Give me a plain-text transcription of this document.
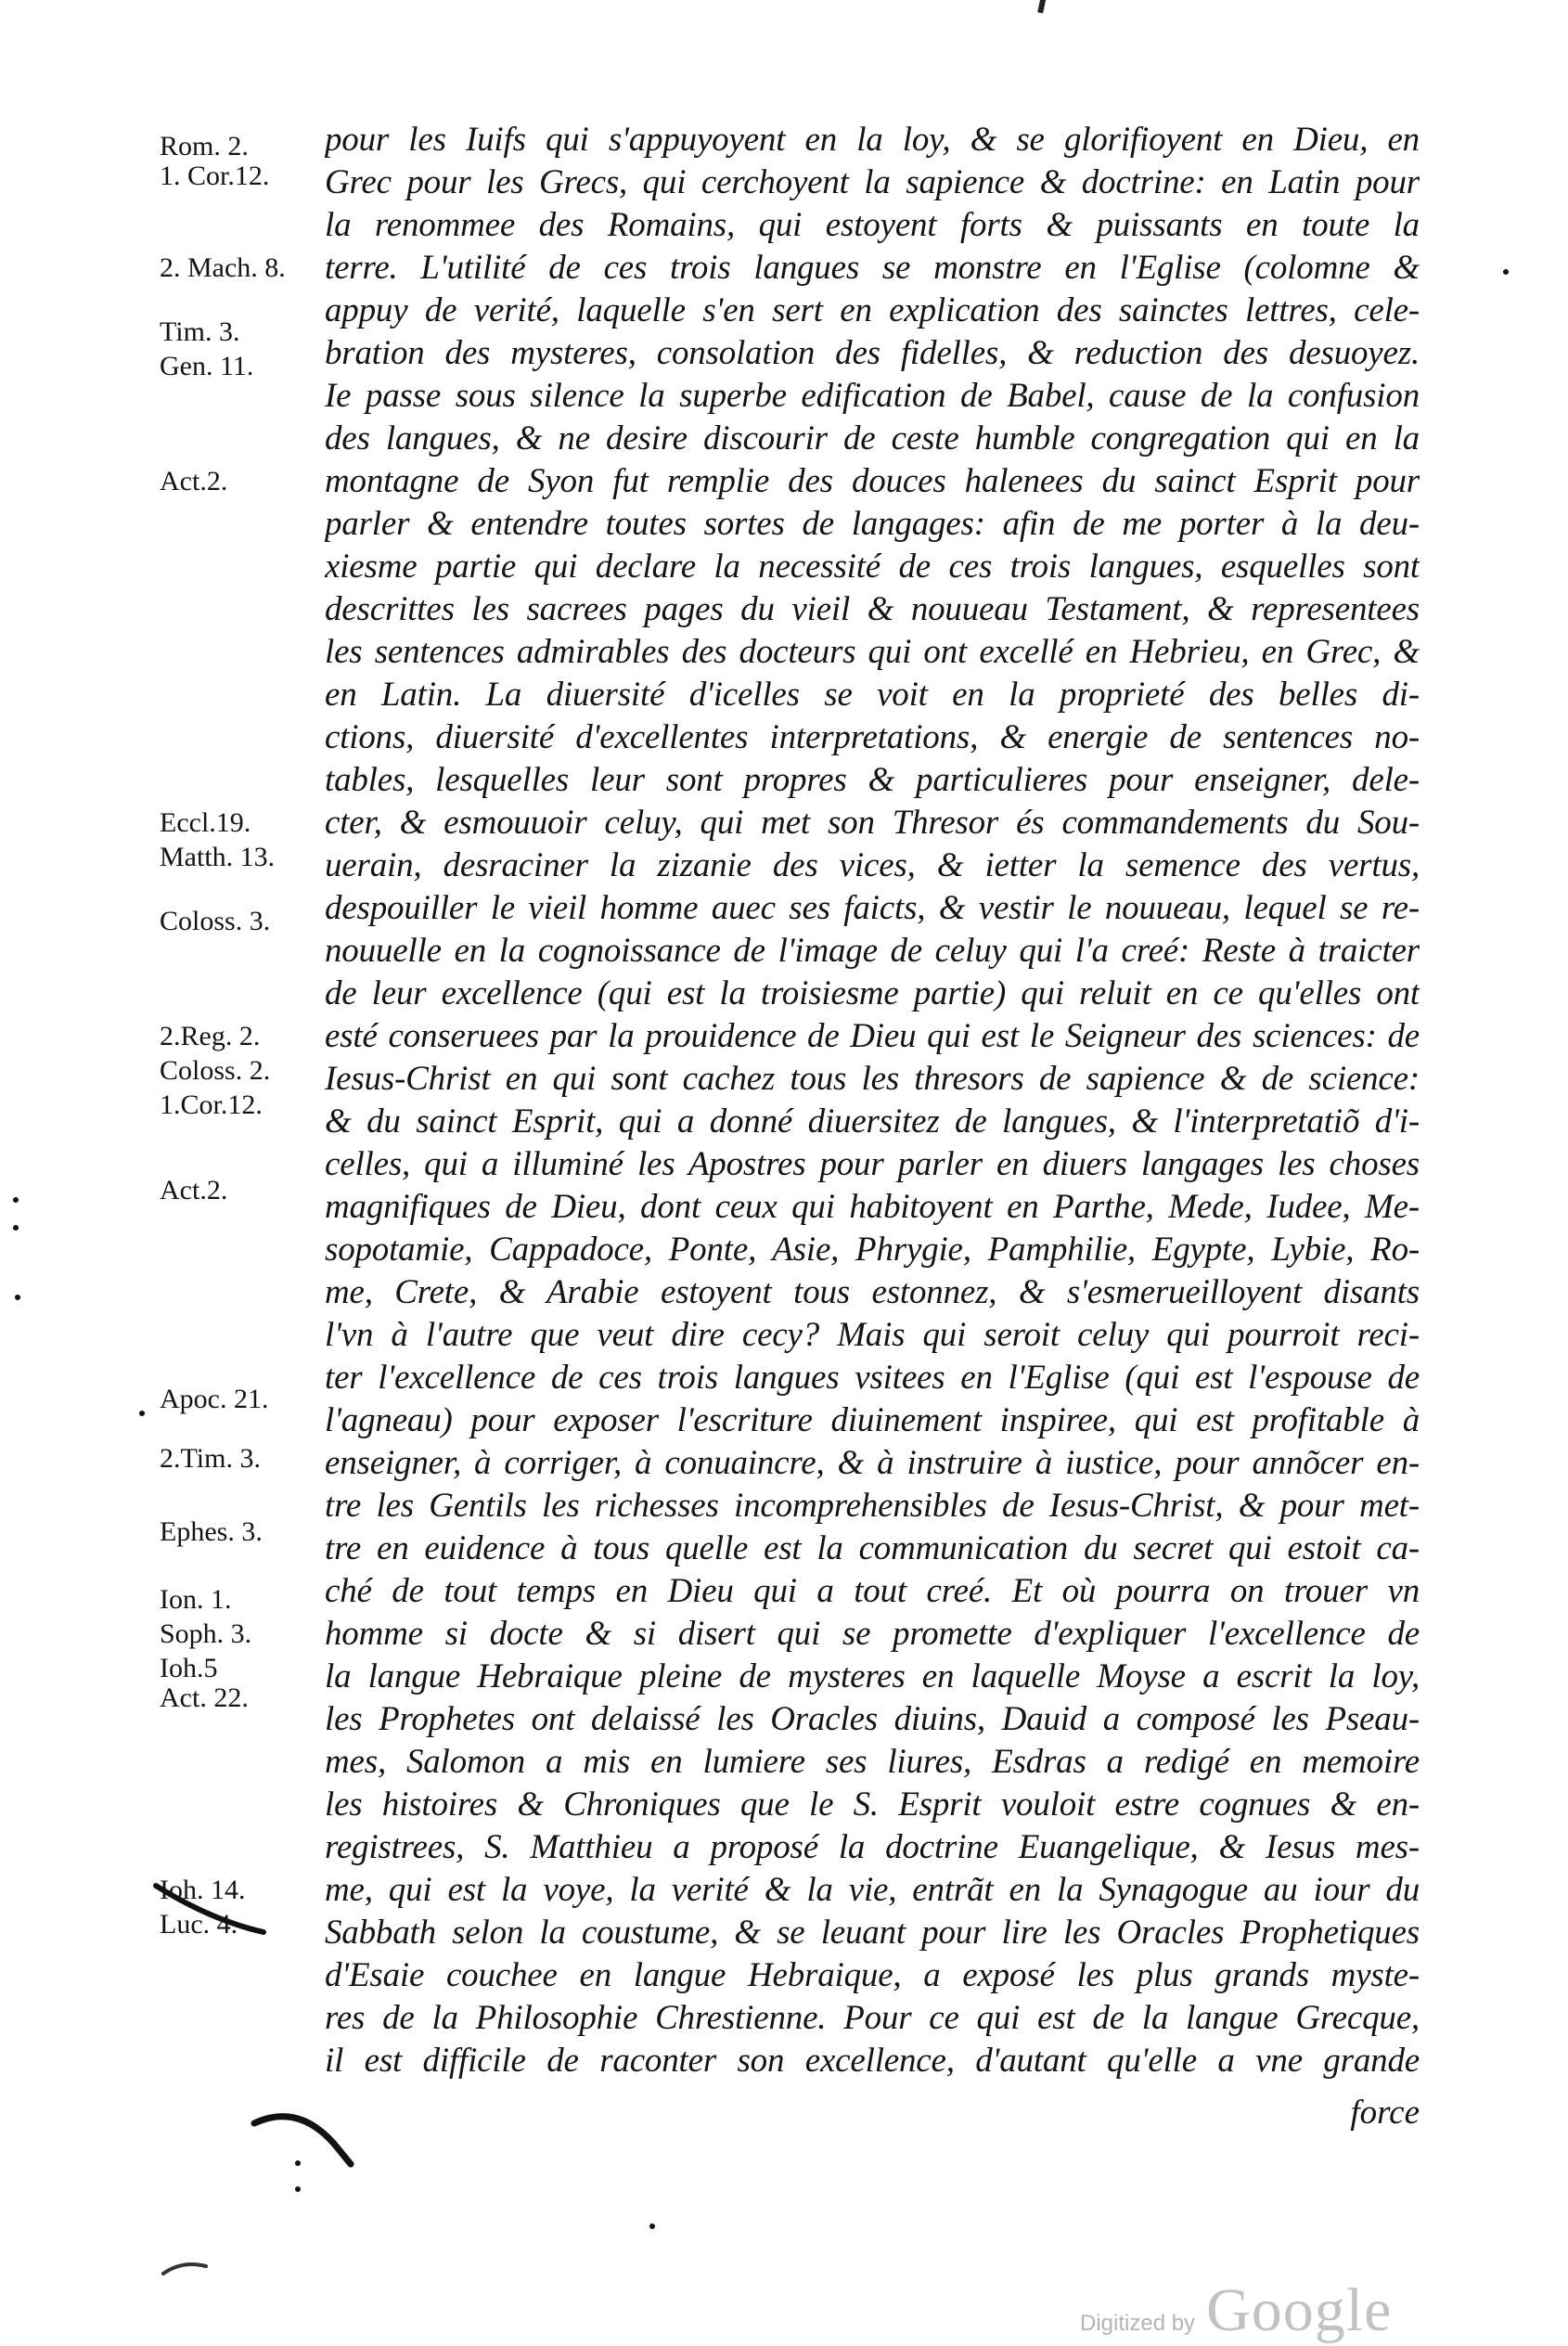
pour les Iuifs qui s'appuyoyent en la loy, & se glorifioyent en Dieu, en
Grec pour les Grecs, qui cerchoyent la sapience & doctrine: en Latin pour
la renommee des Romains, qui estoyent forts & puissants en toute la
terre. L'utilité de ces trois langues se monstre en l'Eglise (colomne &
appuy de verité, laquelle s'en sert en explication des sainctes lettres, cele-
bration des mysteres, consolation des fidelles, & reduction des desuoyez.
Ie passe sous silence la superbe edification de Babel, cause de la confusion
des langues, & ne desire discourir de ceste humble congregation qui en la
montagne de Syon fut remplie des douces halenees du sainct Esprit pour
parler & entendre toutes sortes de langages: afin de me porter à la deu-
xiesme partie qui declare la necessité de ces trois langues, esquelles sont
descrittes les sacrees pages du vieil & nouueau Testament, & representees
les sentences admirables des docteurs qui ont excellé en Hebrieu, en Grec, &
en Latin. La diuersité d'icelles se voit en la proprieté des belles di-
ctions, diuersité d'excellentes interpretations, & energie de sentences no-
tables, lesquelles leur sont propres & particulieres pour enseigner, dele-
cter, & esmouuoir celuy, qui met son Thresor és commandements du Sou-
uerain, desraciner la zizanie des vices, & ietter la semence des vertus,
despouiller le vieil homme auec ses faicts, & vestir le nouueau, lequel se re-
nouuelle en la cognoissance de l'image de celuy qui l'a creé: Reste à traicter
de leur excellence (qui est la troisiesme partie) qui reluit en ce qu'elles ont
esté conseruees par la prouidence de Dieu qui est le Seigneur des sciences: de
Iesus-Christ en qui sont cachez tous les thresors de sapience & de science:
& du sainct Esprit, qui a donné diuersitez de langues, & l'interpretatiõ d'i-
celles, qui a illuminé les Apostres pour parler en diuers langages les choses
magnifiques de Dieu, dont ceux qui habitoyent en Parthe, Mede, Iudee, Me-
sopotamie, Cappadoce, Ponte, Asie, Phrygie, Pamphilie, Egypte, Lybie, Ro-
me, Crete, & Arabie estoyent tous estonnez, & s'esmerueilloyent disants
l'vn à l'autre que veut dire cecy? Mais qui seroit celuy qui pourroit reci-
ter l'excellence de ces trois langues vsitees en l'Eglise (qui est l'espouse de
l'agneau) pour exposer l'escriture diuinement inspiree, qui est profitable à
enseigner, à corriger, à conuaincre, & à instruire à iustice, pour annõcer en-
tre les Gentils les richesses incomprehensibles de Iesus-Christ, & pour met-
tre en euidence à tous quelle est la communication du secret qui estoit ca-
ché de tout temps en Dieu qui a tout creé. Et où pourra on trouer vn
homme si docte & si disert qui se promette d'expliquer l'excellence de
la langue Hebraique pleine de mysteres en laquelle Moyse a escrit la loy,
les Prophetes ont delaissé les Oracles diuins, Dauid a composé les Pseau-
mes, Salomon a mis en lumiere ses liures, Esdras a redigé en memoire
les histoires & Chroniques que le S. Esprit vouloit estre cognues & en-
registrees, S. Matthieu a proposé la doctrine Euangelique, & Iesus mes-
me, qui est la voye, la verité & la vie, entrãt en la Synagogue au iour du
Sabbath selon la coustume, & se leuant pour lire les Oracles Prophetiques
d'Esaie couchee en langue Hebraique, a exposé les plus grands myste-
res de la Philosophie Chrestienne. Pour ce qui est de la langue Grecque,
il est difficile de raconter son excellence, d'autant qu'elle a vne grande
Rom. 2.
1. Cor.12.
2. Mach. 8.
Tim. 3.
Gen. 11.
Act.2.
Eccl.19.
Matth. 13.
Coloss. 3.
2.Reg. 2.
Coloss. 2.
1.Cor.12.
Act.2.
Apoc. 21.
2.Tim. 3.
Ephes. 3.
Ion. 1.
Soph. 3.
Ioh.5
Act. 22.
Ioh. 14.
Luc. 4.
force
Digitized by Google
